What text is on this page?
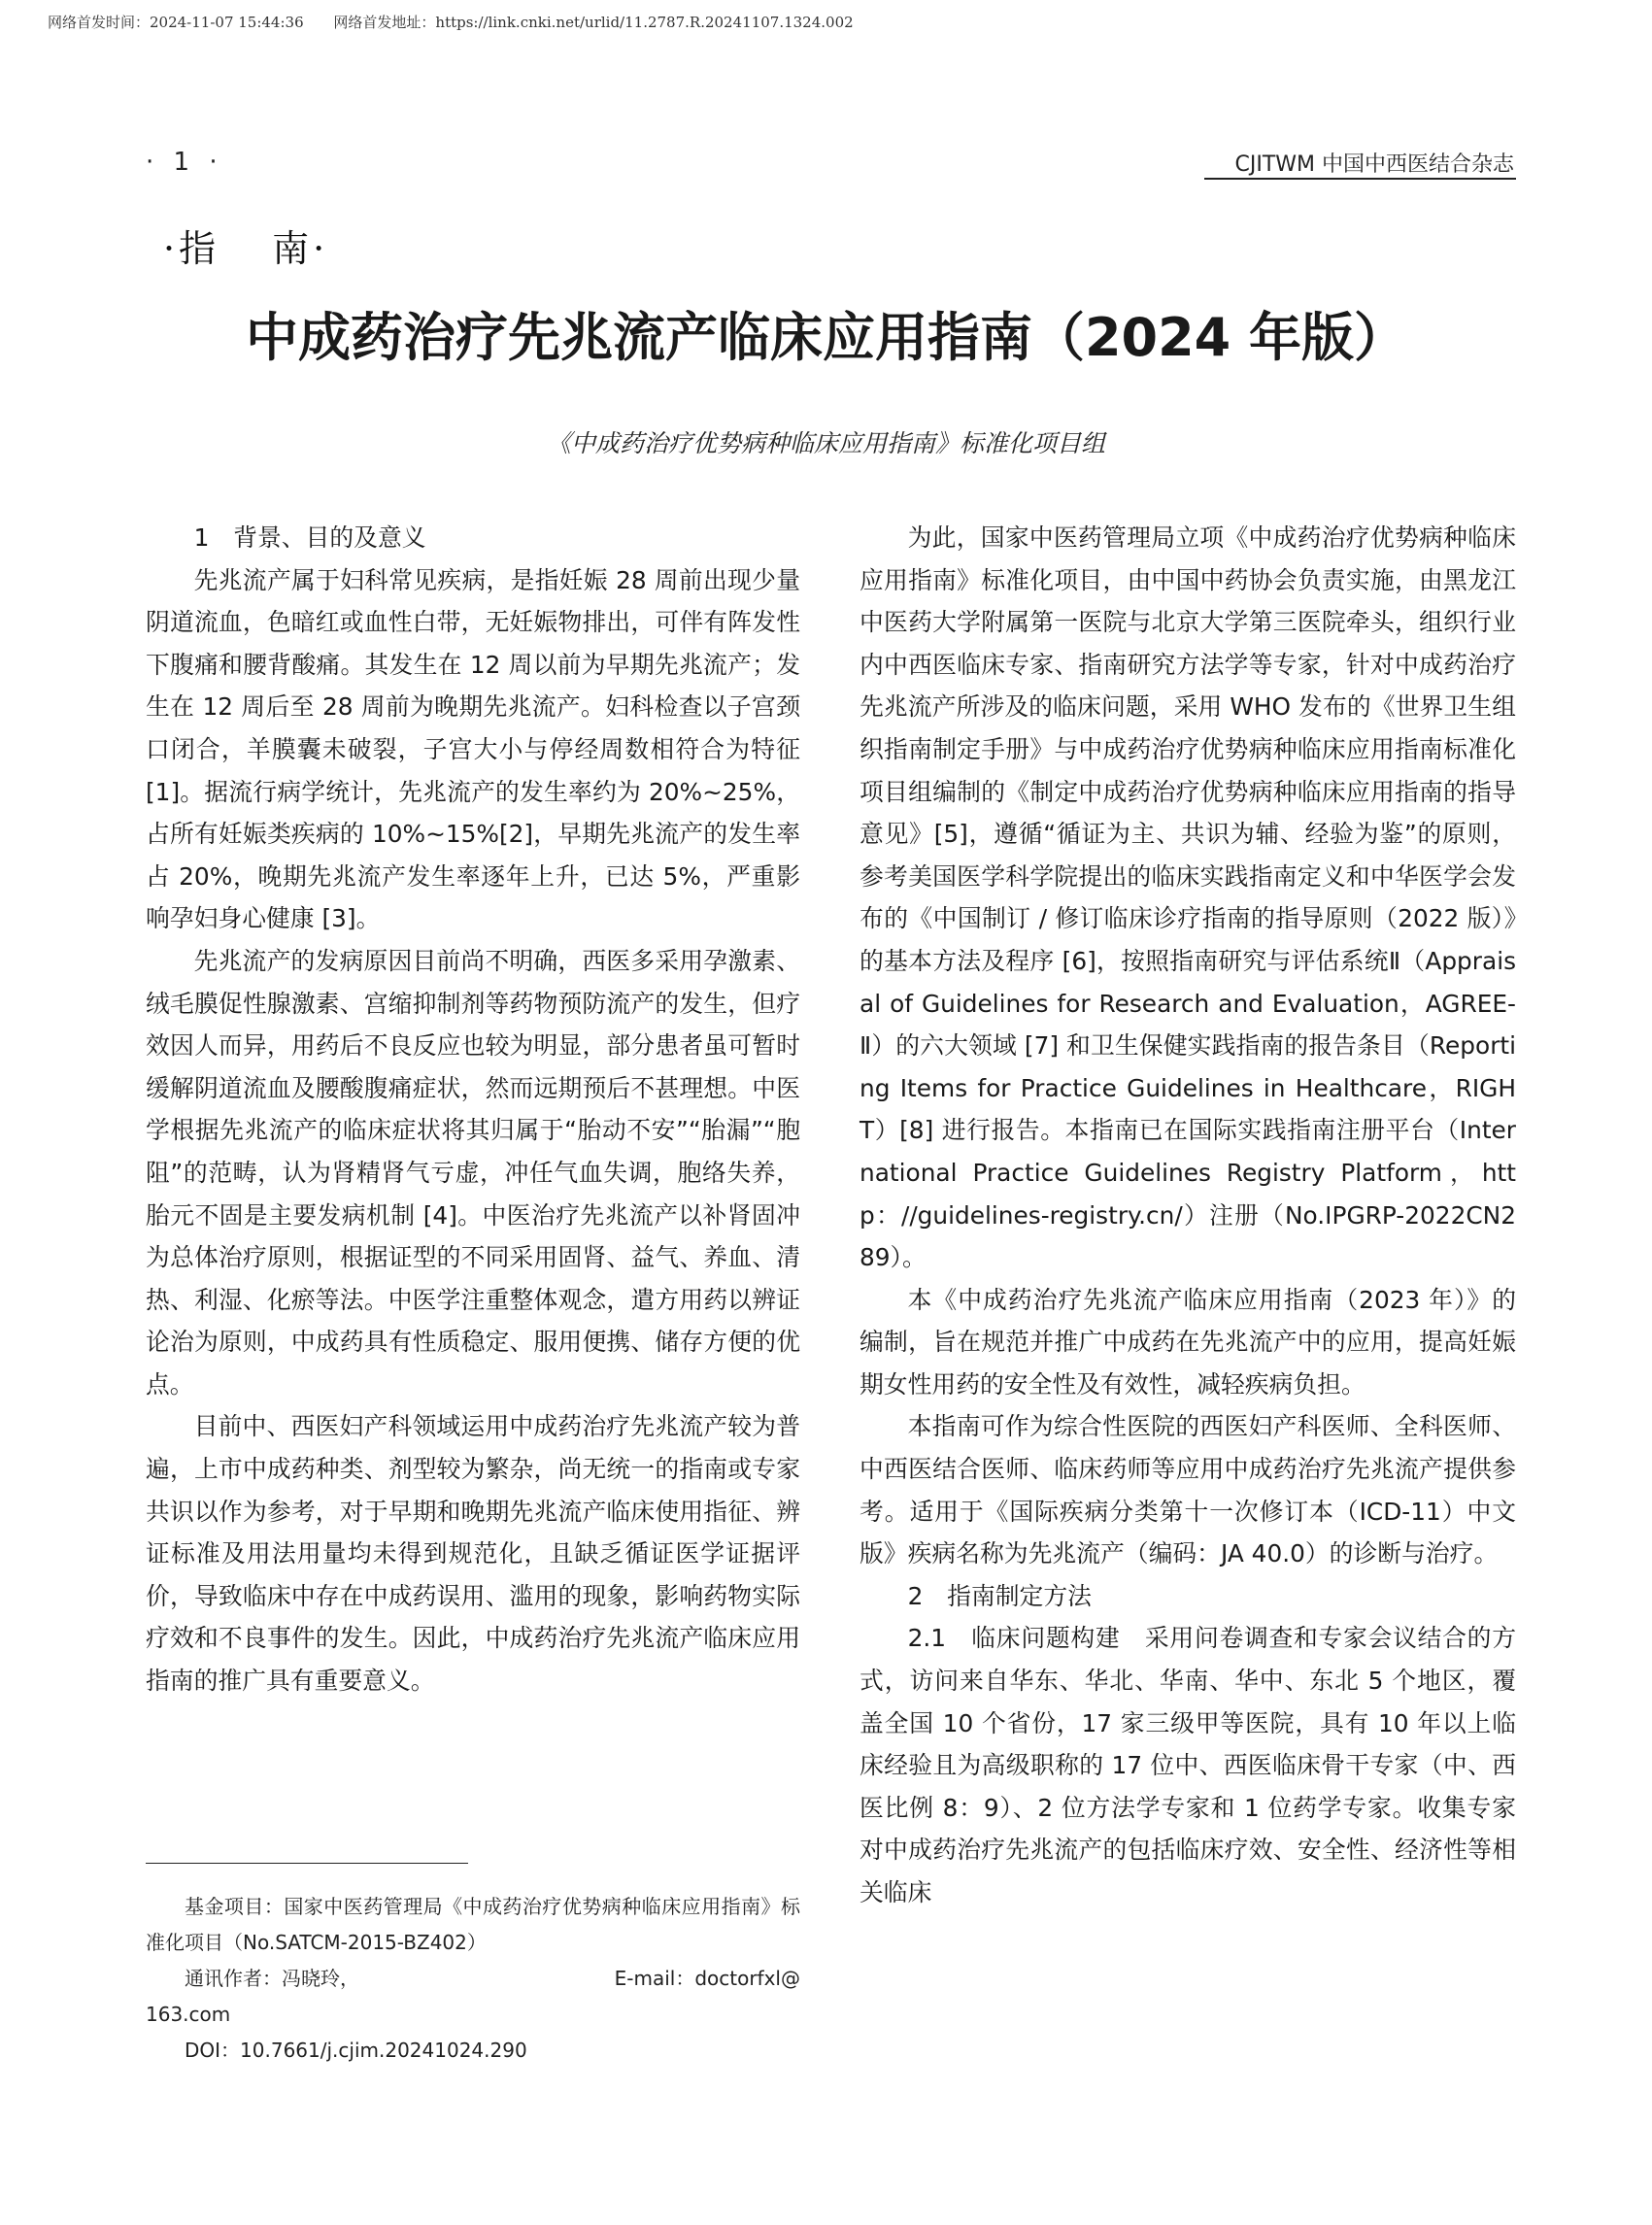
网络首发时间：2024-11-07 15:44:36 网络首发地址：https://link.cnki.net/urlid/11.2787.R.20241107.1324.002
· 1 ·	CJITWM 中国中西医结合杂志
·指 南·
中成药治疗先兆流产临床应用指南（2024 年版）
《中成药治疗优势病种临床应用指南》标准化项目组
1　背景、目的及意义

先兆流产属于妇科常见疾病，是指妊娠 28 周前出现少量阴道流血，色暗红或血性白带，无妊娠物排出，可伴有阵发性下腹痛和腰背酸痛。其发生在 12 周以前为早期先兆流产；发生在 12 周后至 28 周前为晚期先兆流产。妇科检查以子宫颈口闭合，羊膜囊未破裂，子宫大小与停经周数相符合为特征 [1]。据流行病学统计，先兆流产的发生率约为 20%~25%，占所有妊娠类疾病的 10%~15%[2]，早期先兆流产的发生率占 20%，晚期先兆流产发生率逐年上升，已达 5%，严重影响孕妇身心健康 [3]。

先兆流产的发病原因目前尚不明确，西医多采用孕激素、绒毛膜促性腺激素、宫缩抑制剂等药物预防流产的发生，但疗效因人而异，用药后不良反应也较为明显，部分患者虽可暂时缓解阴道流血及腰酸腹痛症状，然而远期预后不甚理想。中医学根据先兆流产的临床症状将其归属于“胎动不安”“胎漏”“胞阻”的范畴，认为肾精肾气亏虚，冲任气血失调，胞络失养，胎元不固是主要发病机制 [4]。中医治疗先兆流产以补肾固冲为总体治疗原则，根据证型的不同采用固肾、益气、养血、清热、利湿、化瘀等法。中医学注重整体观念，遣方用药以辨证论治为原则，中成药具有性质稳定、服用便携、储存方便的优点。

目前中、西医妇产科领域运用中成药治疗先兆流产较为普遍，上市中成药种类、剂型较为繁杂，尚无统一的指南或专家共识以作为参考，对于早期和晚期先兆流产临床使用指征、辨证标准及用法用量均未得到规范化，且缺乏循证医学证据评价，导致临床中存在中成药误用、滥用的现象，影响药物实际疗效和不良事件的发生。因此，中成药治疗先兆流产临床应用指南的推广具有重要意义。

为此，国家中医药管理局立项《中成药治疗优势病种临床应用指南》标准化项目，由中国中药协会负责实施，由黑龙江中医药大学附属第一医院与北京大学第三医院牵头，组织行业内中西医临床专家、指南研究方法学等专家，针对中成药治疗先兆流产所涉及的临床问题，采用 WHO 发布的《世界卫生组织指南制定手册》与中成药治疗优势病种临床应用指南标准化项目组编制的《制定中成药治疗优势病种临床应用指南的指导意见》[5]，遵循“循证为主、共识为辅、经验为鉴”的原则，参考美国医学科学院提出的临床实践指南定义和中华医学会发布的《中国制订 / 修订临床诊疗指南的指导原则（2022 版）》的基本方法及程序 [6]，按照指南研究与评估系统Ⅱ（Appraisal of Guidelines for Research and Evaluation，AGREE-Ⅱ）的六大领域 [7] 和卫生保健实践指南的报告条目（Reporting Items for Practice Guidelines in Healthcare，RIGHT）[8] 进行报告。本指南已在国际实践指南注册平台（International Practice Guidelines Registry Platform，http：//guidelines-registry.cn/）注册（No.IPGRP-2022CN289）。

本《中成药治疗先兆流产临床应用指南（2023 年）》的编制，旨在规范并推广中成药在先兆流产中的应用，提高妊娠期女性用药的安全性及有效性，减轻疾病负担。

本指南可作为综合性医院的西医妇产科医师、全科医师、中西医结合医师、临床药师等应用中成药治疗先兆流产提供参考。适用于《国际疾病分类第十一次修订本（ICD-11）中文版》疾病名称为先兆流产（编码：JA 40.0）的诊断与治疗。

2　指南制定方法

2.1　临床问题构建　采用问卷调查和专家会议结合的方式，访问来自华东、华北、华南、华中、东北 5 个地区，覆盖全国 10 个省份，17 家三级甲等医院，具有 10 年以上临床经验且为高级职称的 17 位中、西医临床骨干专家（中、西医比例 8：9）、2 位方法学专家和 1 位药学专家。收集专家对中成药治疗先兆流产的包括临床疗效、安全性、经济性等相关临床

基金项目：国家中医药管理局《中成药治疗优势病种临床应用指南》标准化项目（No.SATCM-2015-BZ402）

通讯作者：冯晓玲，	E-mail：doctorfxl@

163.com

DOI：10.7661/j.cjim.20241024.290
